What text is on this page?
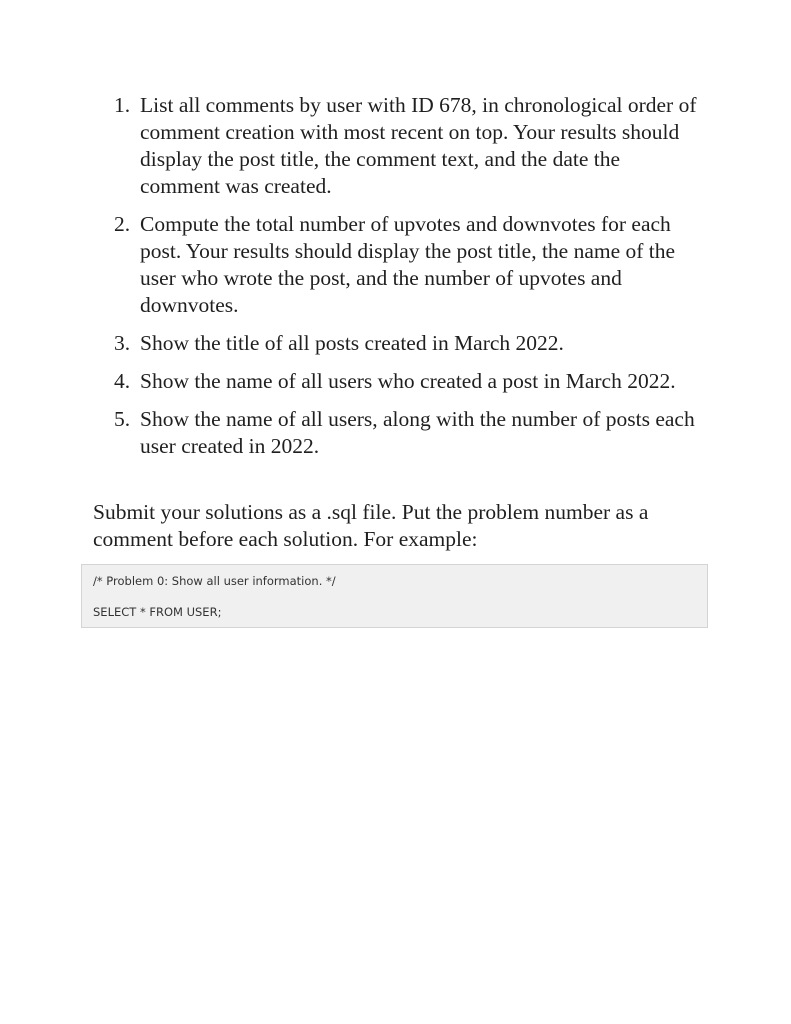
1. List all comments by user with ID 678, in chronological order of comment creation with most recent on top. Your results should display the post title, the comment text, and the date the comment was created.
2. Compute the total number of upvotes and downvotes for each post. Your results should display the post title, the name of the user who wrote the post, and the number of upvotes and downvotes.
3. Show the title of all posts created in March 2022.
4. Show the name of all users who created a post in March 2022.
5. Show the name of all users, along with the number of posts each user created in 2022.

Submit your solutions as a .sql file. Put the problem number as a comment before each solution. For example:

/* Problem 0: Show all user information. */
SELECT * FROM USER;
